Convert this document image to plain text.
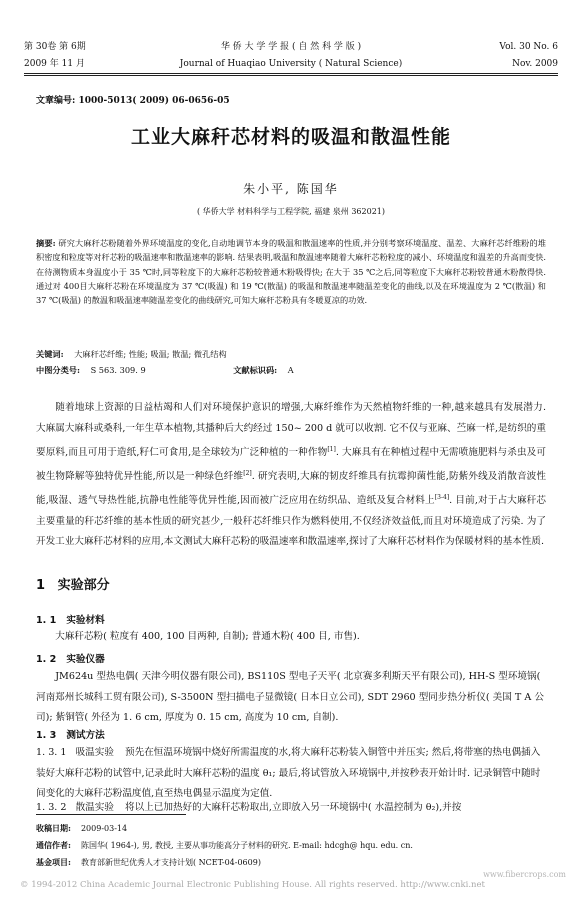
第 30卷 第 6期	华 侨 大 学 学 报 ( 自 然 科 学 版 )	Vol. 30 No. 6
2009 年 11 月	Journal of Huaqiao University ( Natural Science)	Nov. 2009
文章编号: 1000-5013( 2009) 06-0656-05
工业大麻秆芯材料的吸温和散温性能
朱小平, 陈国华
( 华侨大学 材料科学与工程学院, 福建 泉州 362021)
摘要: 研究大麻秆芯粉随着外界环境温度的变化,自动地调节本身的吸温和散温速率的性质,并分别考察环境温度、温差、大麻秆芯纤维粉的堆积密度和粒度等对秆芯粉的吸温速率和散温速率的影响. 结果表明,吸温和散温速率随着大麻秆芯粉粒度的减小、环境温度和温差的升高而变快. 在待测物质本身温度小于 35 ℃时,同等粒度下的大麻秆芯粉较普通木粉吸得快; 在大于 35 ℃之后,同等粒度下大麻秆芯粉较普通木粉散得快. 通过对 400目大麻秆芯粉在环境温度为 37 ℃(吸温) 和 19 ℃(散温) 的吸温和散温速率随温差变化的曲线,以及在环境温度为 2 ℃(散温) 和 37 ℃(吸温) 的散温和吸温速率随温差变化的曲线研究,可知大麻秆芯粉具有冬暖夏凉的功效.
关键词: 大麻秆芯纤维; 性能; 吸温; 散温; 微孔结构
中图分类号: S 563. 309. 9	文献标识码: A
随着地球上资源的日益枯竭和人们对环境保护意识的增强,大麻纤维作为天然植物纤维的一种,越来越具有发展潜力. 大麻属大麻科或桑科,一年生草本植物,其播种后大约经过 150~ 200 d 就可以收割. 它不仅与亚麻、苎麻一样,是纺织的重要原料,而且可用于造纸,籽仁可食用,是全球较为广泛种植的一种作物[1]. 大麻具有在种植过程中无需喷施肥料与杀虫及可被生物降解等独特优异性能,所以是一种绿色纤维[2]. 研究表明,大麻的韧皮纤维具有抗霉抑菌性能,防紫外线及消散音波性能,吸湿、透气导热性能,抗静电性能等优异性能,因而被广泛应用在纺织品、造纸及复合材料上[3-4]. 目前,对于占大麻秆芯主要重量的秆芯纤维的基本性质的研究甚少,一般秆芯纤维只作为燃料使用,不仅经济效益低,而且对环境造成了污染. 为了开发工业大麻秆芯材料的应用,本文测试大麻秆芯粉的吸温速率和散温速率,探讨了大麻秆芯材料作为保暖材料的基本性质.
1 实验部分
1. 1 实验材料
大麻秆芯粉( 粒度有 400, 100 目两种, 自制); 普通木粉( 400 目, 市售).
1. 2 实验仪器
JM624u 型热电偶( 天津今明仪器有限公司), BS110S 型电子天平( 北京赛多利斯天平有限公司), HH-S 型环境锅( 河南郑州长城科工贸有限公司), S-3500N 型扫描电子显微镜( 日本日立公司), SDT 2960 型同步热分析仪( 美国 T A 公司); 紫铜管( 外径为 1. 6 cm, 厚度为 0. 15 cm, 高度为 10 cm, 自制).
1. 3 测试方法
1. 3. 1 吸温实验 预先在恒温环境锅中烧好所需温度的水,将大麻秆芯粉装入铜管中并压实; 然后,将带塞的热电偶插入装好大麻秆芯粉的试管中,记录此时大麻秆芯粉的温度 θ₁; 最后,将试管放入环境锅中,并按秒表开始计时. 记录铜管中随时间变化的大麻秆芯粉温度值,直至热电偶显示温度为定值.
1. 3. 2 散温实验 将以上已加热好的大麻秆芯粉取出,立即放入另一环境锅中( 水温控制为 θ₂),并按
收稿日期: 2009-03-14
通信作者: 陈国华( 1964-), 男, 教授, 主要从事功能高分子材料的研究. E-mail: hdcgh@ hqu. edu. cn.
基金项目: 教育部新世纪优秀人才支持计划( NCET-04-0609)
www.fibercrops.com
© 1994-2012 China Academic Journal Electronic Publishing House. All rights reserved. http://www.cnki.net
